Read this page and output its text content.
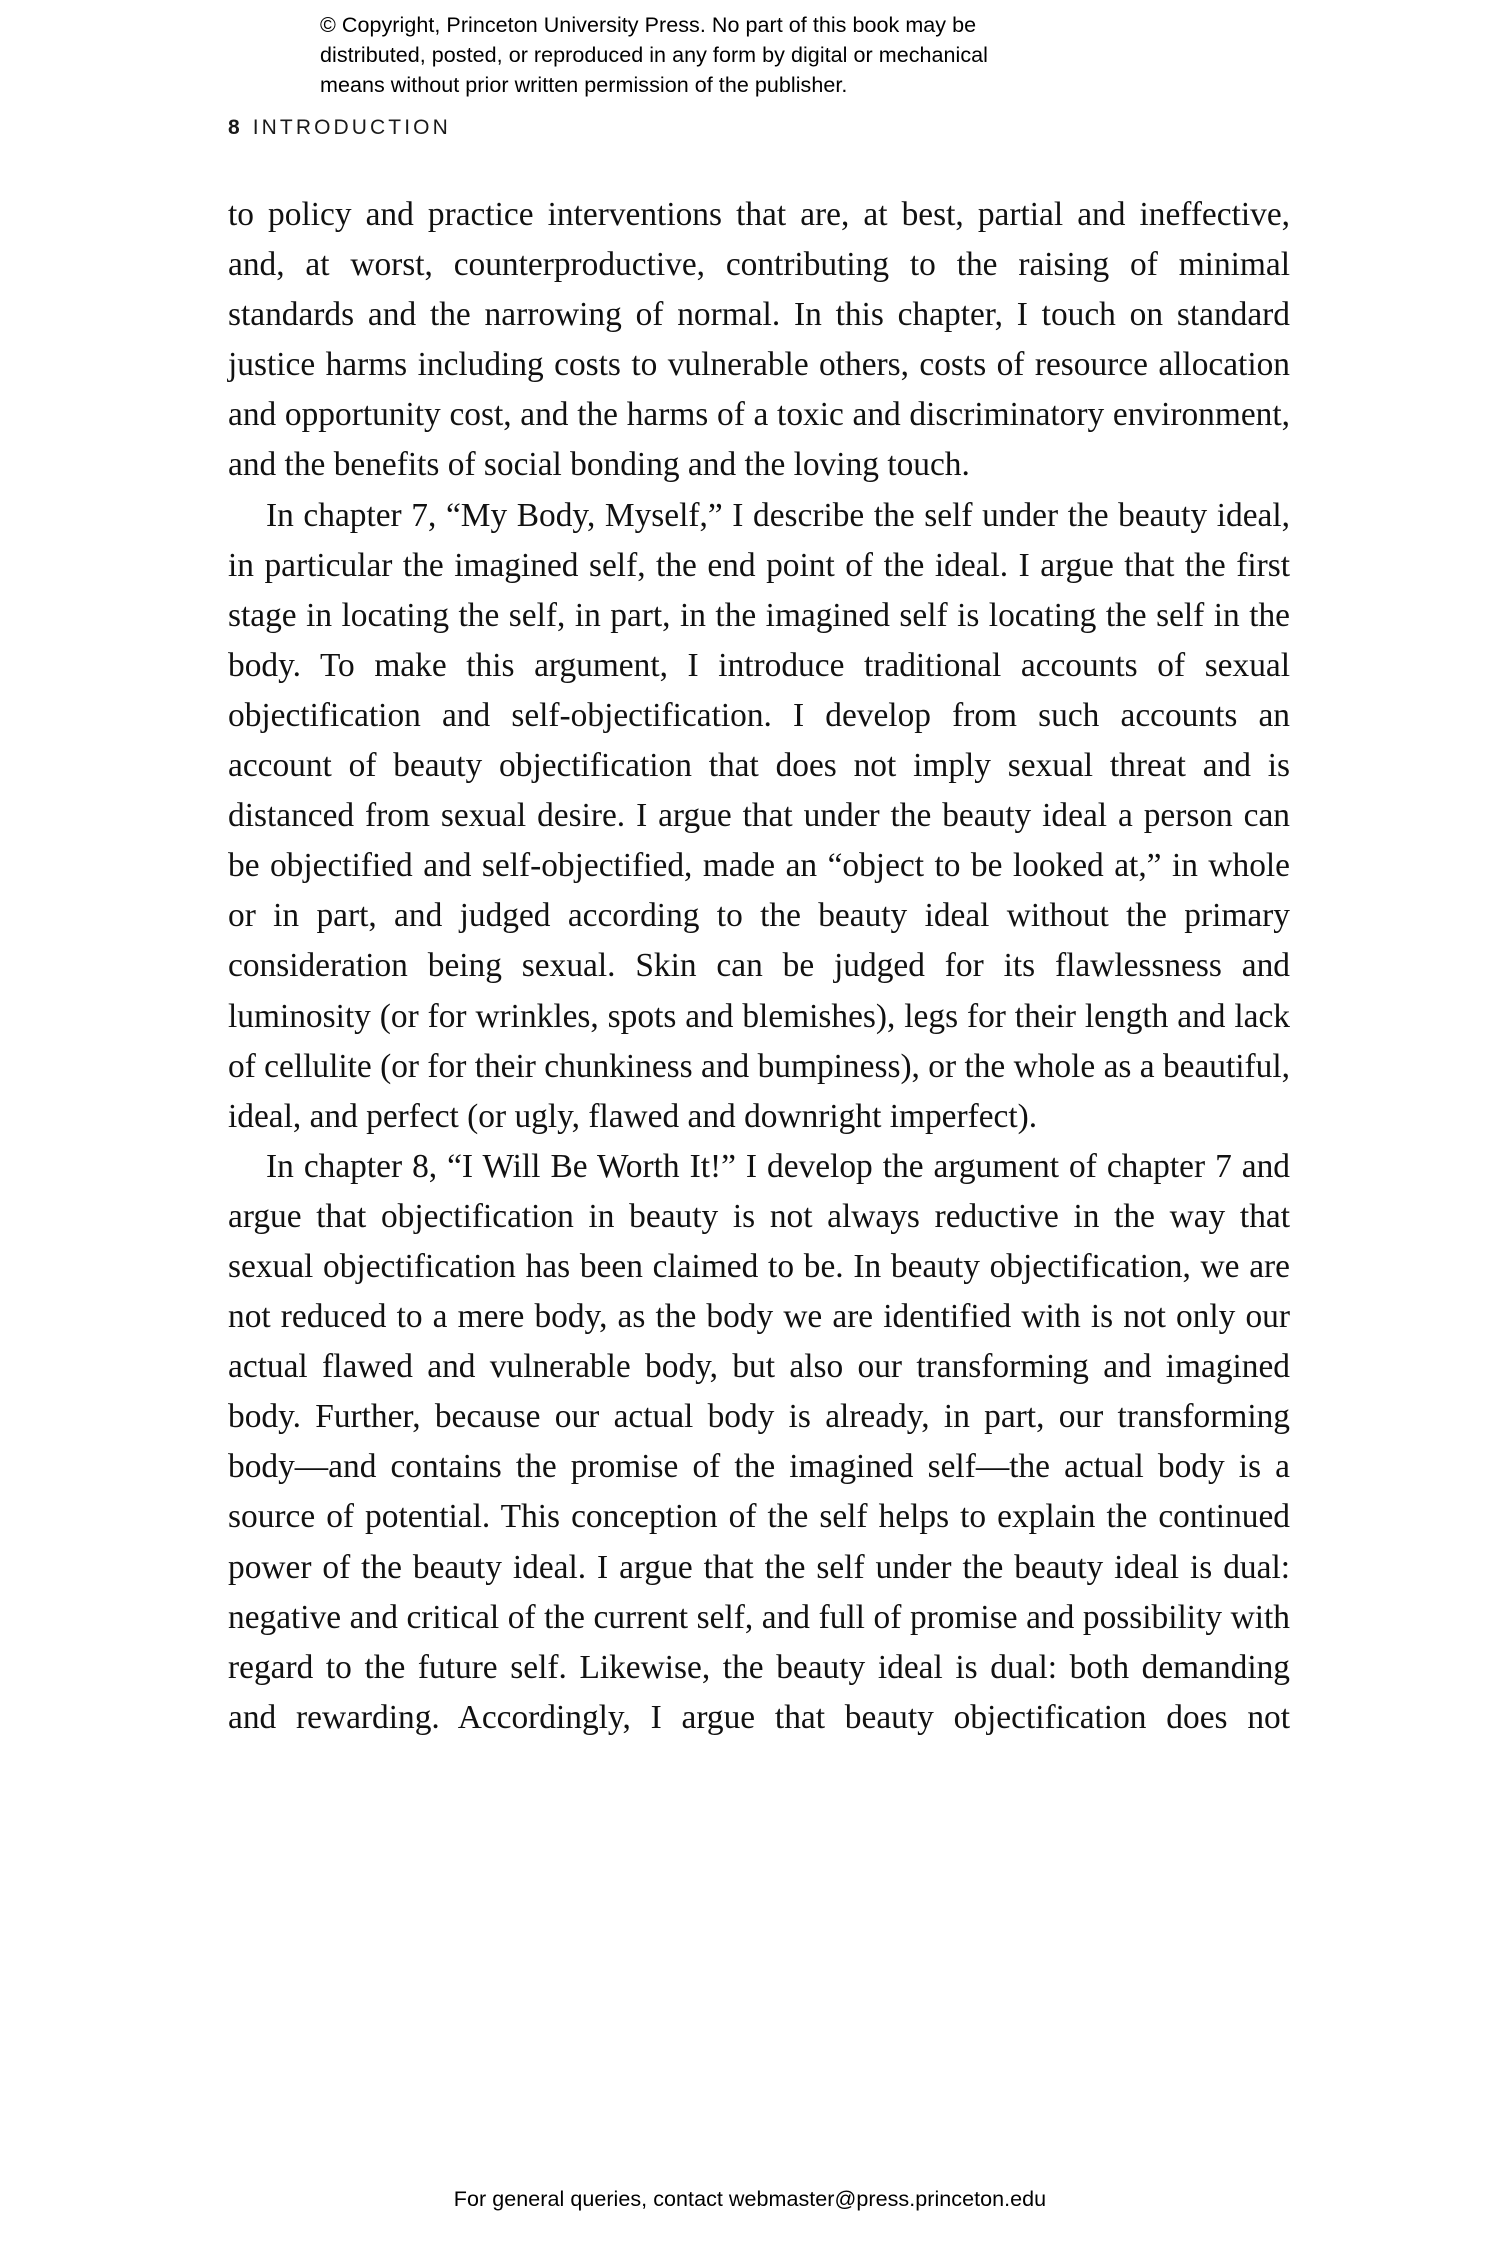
© Copyright, Princeton University Press. No part of this book may be
distributed, posted, or reproduced in any form by digital or mechanical
means without prior written permission of the publisher.
8 INTRODUCTION

to policy and practice interventions that are, at best, partial and ineffective, and, at worst, counterproductive, contributing to the raising of minimal standards and the narrowing of normal. In this chapter, I touch on standard justice harms including costs to vulnerable others, costs of resource allocation and opportunity cost, and the harms of a toxic and discriminatory environment, and the benefits of social bonding and the loving touch.

In chapter 7, “My Body, Myself,” I describe the self under the beauty ideal, in particular the imagined self, the end point of the ideal. I argue that the first stage in locating the self, in part, in the imagined self is locating the self in the body. To make this argument, I introduce traditional accounts of sexual objectification and self-objectification. I develop from such accounts an account of beauty objectification that does not imply sexual threat and is distanced from sexual desire. I argue that under the beauty ideal a person can be objectified and self-objectified, made an “object to be looked at,” in whole or in part, and judged according to the beauty ideal without the primary consideration being sexual. Skin can be judged for its flawlessness and luminosity (or for wrinkles, spots and blemishes), legs for their length and lack of cellulite (or for their chunkiness and bumpiness), or the whole as a beautiful, ideal, and perfect (or ugly, flawed and downright imperfect).

In chapter 8, “I Will Be Worth It!” I develop the argument of chapter 7 and argue that objectification in beauty is not always reductive in the way that sexual objectification has been claimed to be. In beauty objectification, we are not reduced to a mere body, as the body we are identified with is not only our actual flawed and vulnerable body, but also our transforming and imagined body. Further, because our actual body is already, in part, our transforming body—and contains the promise of the imagined self—the actual body is a source of potential. This conception of the self helps to explain the continued power of the beauty ideal. I argue that the self under the beauty ideal is dual: negative and critical of the current self, and full of promise and possibility with regard to the future self. Likewise, the beauty ideal is dual: both demanding and rewarding. Accordingly, I argue that beauty objectification does not

For general queries, contact webmaster@press.princeton.edu
